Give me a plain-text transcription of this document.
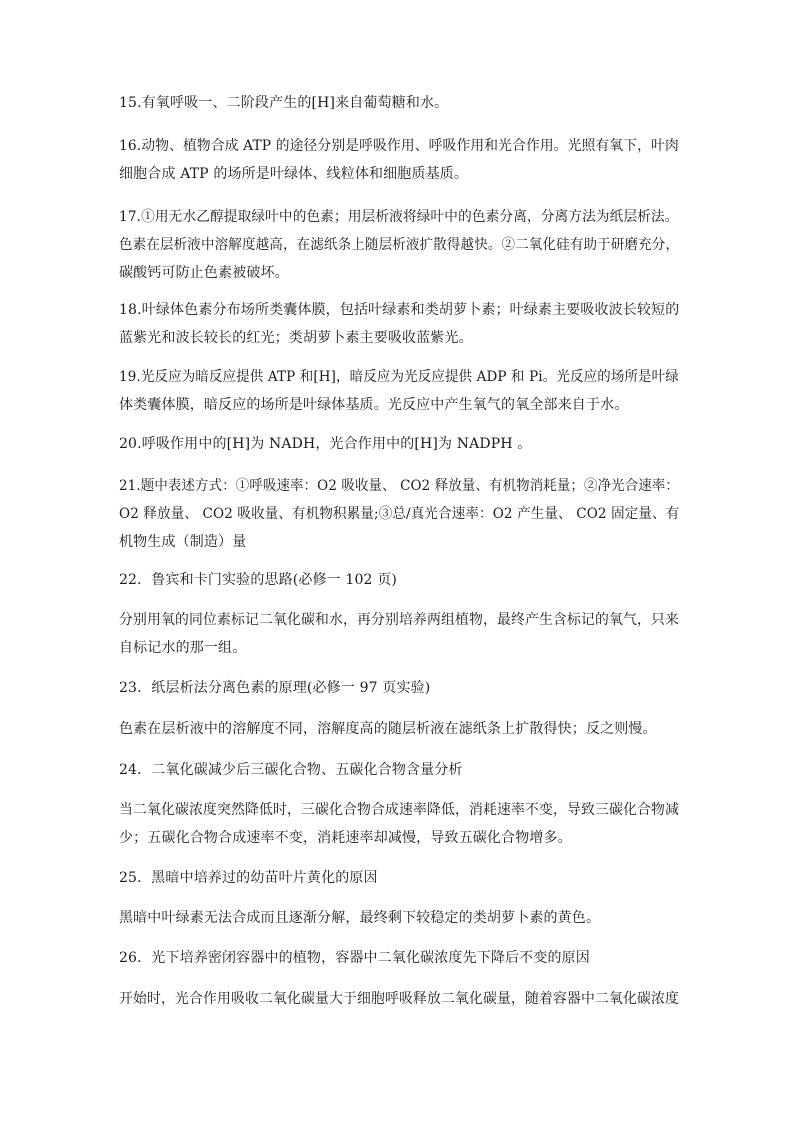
15.有氧呼吸一、二阶段产生的[H]来自葡萄糖和水。
16.动物、植物合成 ATP 的途径分别是呼吸作用、呼吸作用和光合作用。光照有氧下，叶肉
细胞合成 ATP 的场所是叶绿体、线粒体和细胞质基质。
17.①用无水乙醇提取绿叶中的色素；用层析液将绿叶中的色素分离，分离方法为纸层析法。
色素在层析液中溶解度越高，在滤纸条上随层析液扩散得越快。②二氧化硅有助于研磨充分，
碳酸钙可防止色素被破坏。
18.叶绿体色素分布场所类囊体膜，包括叶绿素和类胡萝卜素；叶绿素主要吸收波长较短的
蓝紫光和波长较长的红光；类胡萝卜素主要吸收蓝紫光。
19.光反应为暗反应提供 ATP 和[H]，暗反应为光反应提供 ADP 和 Pi。光反应的场所是叶绿
体类囊体膜，暗反应的场所是叶绿体基质。光反应中产生氧气的氧全部来自于水。
20.呼吸作用中的[H]为 NADH，光合作用中的[H]为 NADPH 。
21.题中表述方式：①呼吸速率：O2 吸收量、 CO2 释放量、有机物消耗量；②净光合速率：
O2 释放量、 CO2 吸收量、有机物积累量;③总/真光合速率：O2 产生量、 CO2 固定量、有
机物生成（制造）量
22．鲁宾和卡门实验的思路(必修一 102 页)
分别用氧的同位素标记二氧化碳和水，再分别培养两组植物，最终产生含标记的氧气，只来
自标记水的那一组。
23．纸层析法分离色素的原理(必修一 97 页实验)
色素在层析液中的溶解度不同，溶解度高的随层析液在滤纸条上扩散得快；反之则慢。
24．二氧化碳减少后三碳化合物、五碳化合物含量分析
当二氧化碳浓度突然降低时，三碳化合物合成速率降低，消耗速率不变，导致三碳化合物减
少；五碳化合物合成速率不变，消耗速率却减慢，导致五碳化合物增多。
25．黑暗中培养过的幼苗叶片黄化的原因
黑暗中叶绿素无法合成而且逐渐分解，最终剩下较稳定的类胡萝卜素的黄色。
26．光下培养密闭容器中的植物，容器中二氧化碳浓度先下降后不变的原因
开始时，光合作用吸收二氧化碳量大于细胞呼吸释放二氧化碳量，随着容器中二氧化碳浓度
